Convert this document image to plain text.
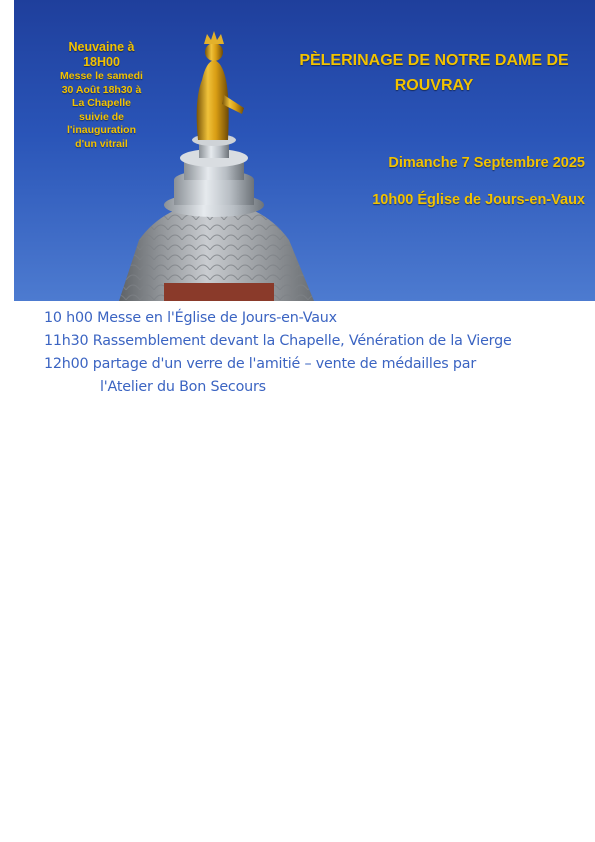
Neuvaine à
18H00
Messe le samedi
30 Août 18h30 à
La Chapelle
suivie de
l'inauguration
d'un vitrail
PÈLERINAGE DE NOTRE DAME DE
ROUVRAY
Dimanche 7 Septembre 2025
10h00 Église de Jours-en-Vaux
10 h00 Messe en l'Église de Jours-en-Vaux
11h30 Rassemblement devant la Chapelle, Vénération de la Vierge
12h00 partage d'un verre de l'amitié – vente de médailles par
l'Atelier du Bon Secours
